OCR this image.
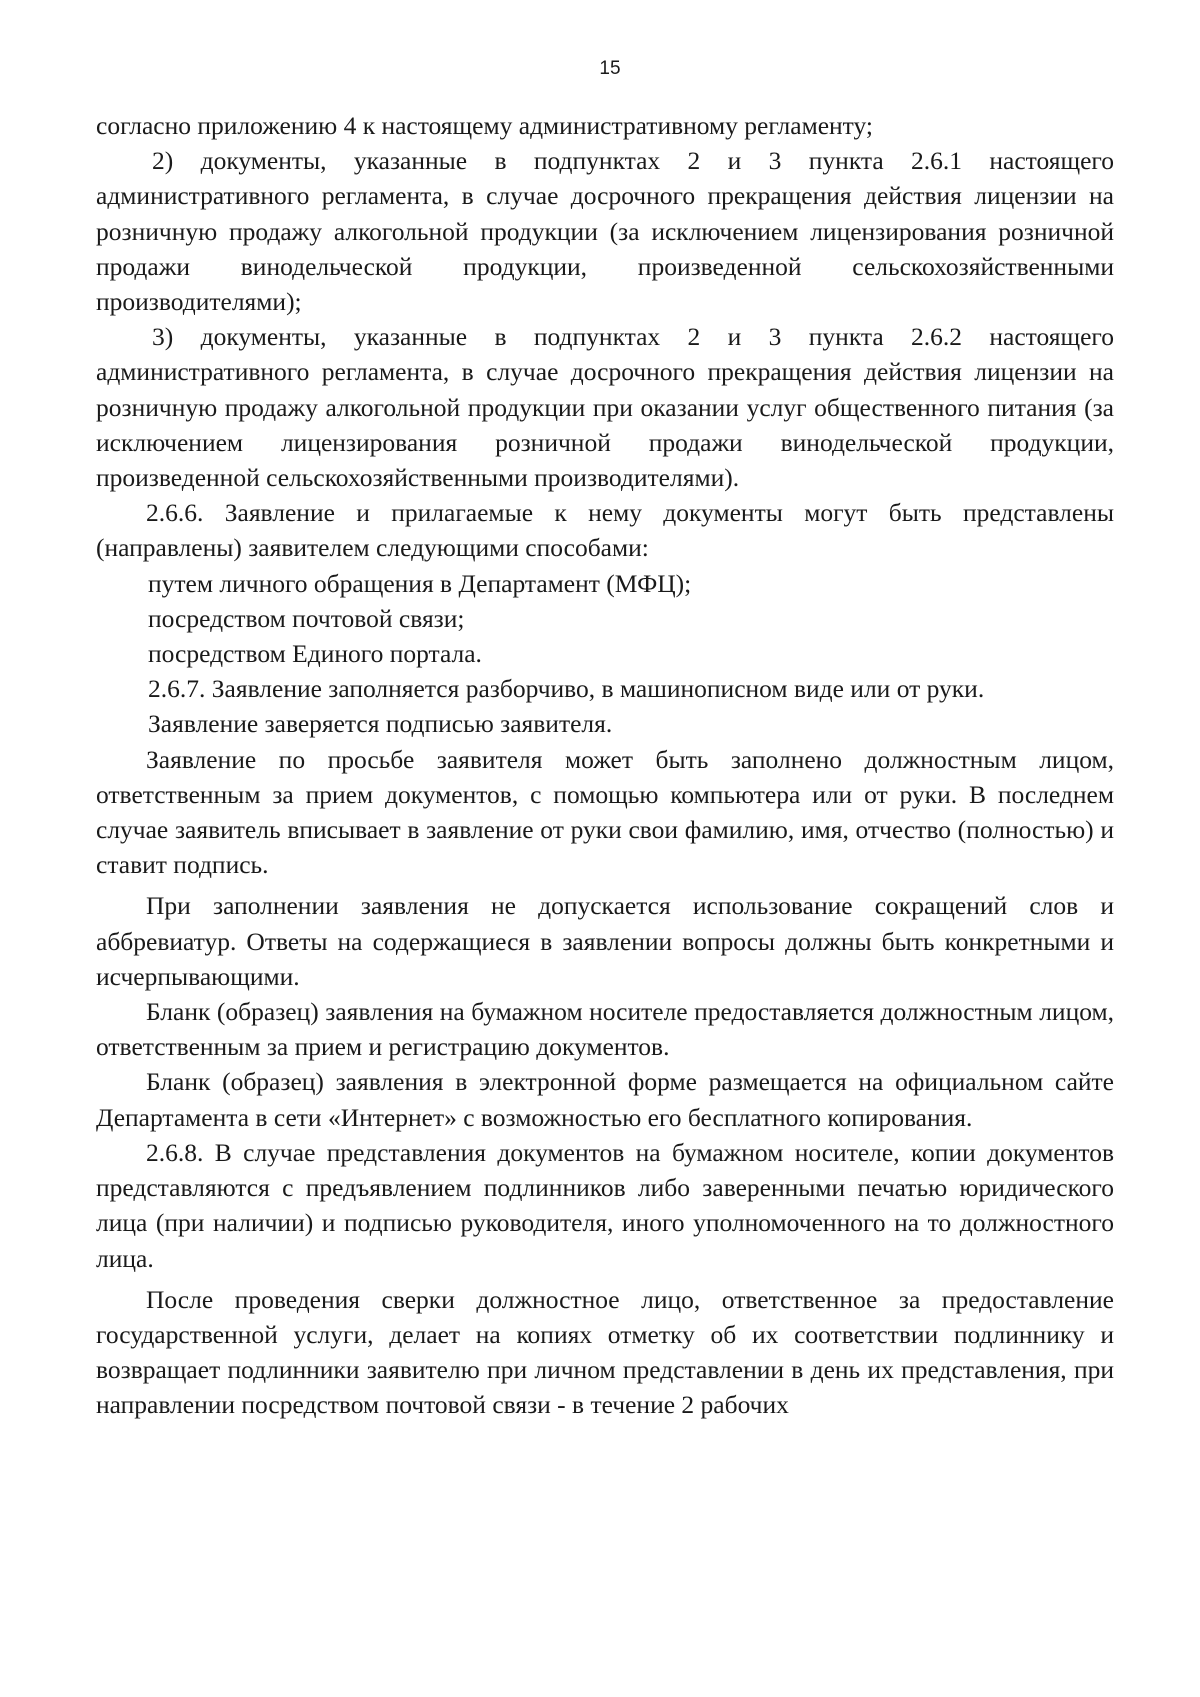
15

согласно приложению 4 к настоящему административному регламенту;

2) документы, указанные в подпунктах 2 и 3 пункта 2.6.1 настоящего административного регламента, в случае досрочного прекращения действия лицензии на розничную продажу алкогольной продукции (за исключением лицензирования розничной продажи винодельческой продукции, произведенной сельскохозяйственными производителями);

3) документы, указанные в подпунктах 2 и 3 пункта 2.6.2 настоящего административного регламента, в случае досрочного прекращения действия лицензии на розничную продажу алкогольной продукции при оказании услуг общественного питания (за исключением лицензирования розничной продажи винодельческой продукции, произведенной сельскохозяйственными производителями).

2.6.6. Заявление и прилагаемые к нему документы могут быть представлены (направлены) заявителем следующими способами:

путем личного обращения в Департамент (МФЦ);

посредством почтовой связи;

посредством Единого портала.

2.6.7. Заявление заполняется разборчиво, в машинописном виде или от руки.

Заявление заверяется подписью заявителя.

Заявление по просьбе заявителя может быть заполнено должностным лицом, ответственным за прием документов, с помощью компьютера или от руки. В последнем случае заявитель вписывает в заявление от руки свои фамилию, имя, отчество (полностью) и ставит подпись.

При заполнении заявления не допускается использование сокращений слов и аббревиатур. Ответы на содержащиеся в заявлении вопросы должны быть конкретными и исчерпывающими.

Бланк (образец) заявления на бумажном носителе предоставляется должностным лицом, ответственным за прием и регистрацию документов.

Бланк (образец) заявления в электронной форме размещается на официальном сайте Департамента в сети «Интернет» с возможностью его бесплатного копирования.

2.6.8. В случае представления документов на бумажном носителе, копии документов представляются с предъявлением подлинников либо заверенными печатью юридического лица (при наличии) и подписью руководителя, иного уполномоченного на то должностного лица.

После проведения сверки должностное лицо, ответственное за предоставление государственной услуги, делает на копиях отметку об их соответствии подлиннику и возвращает подлинники заявителю при личном представлении в день их представления, при направлении посредством почтовой связи - в течение 2 рабочих
